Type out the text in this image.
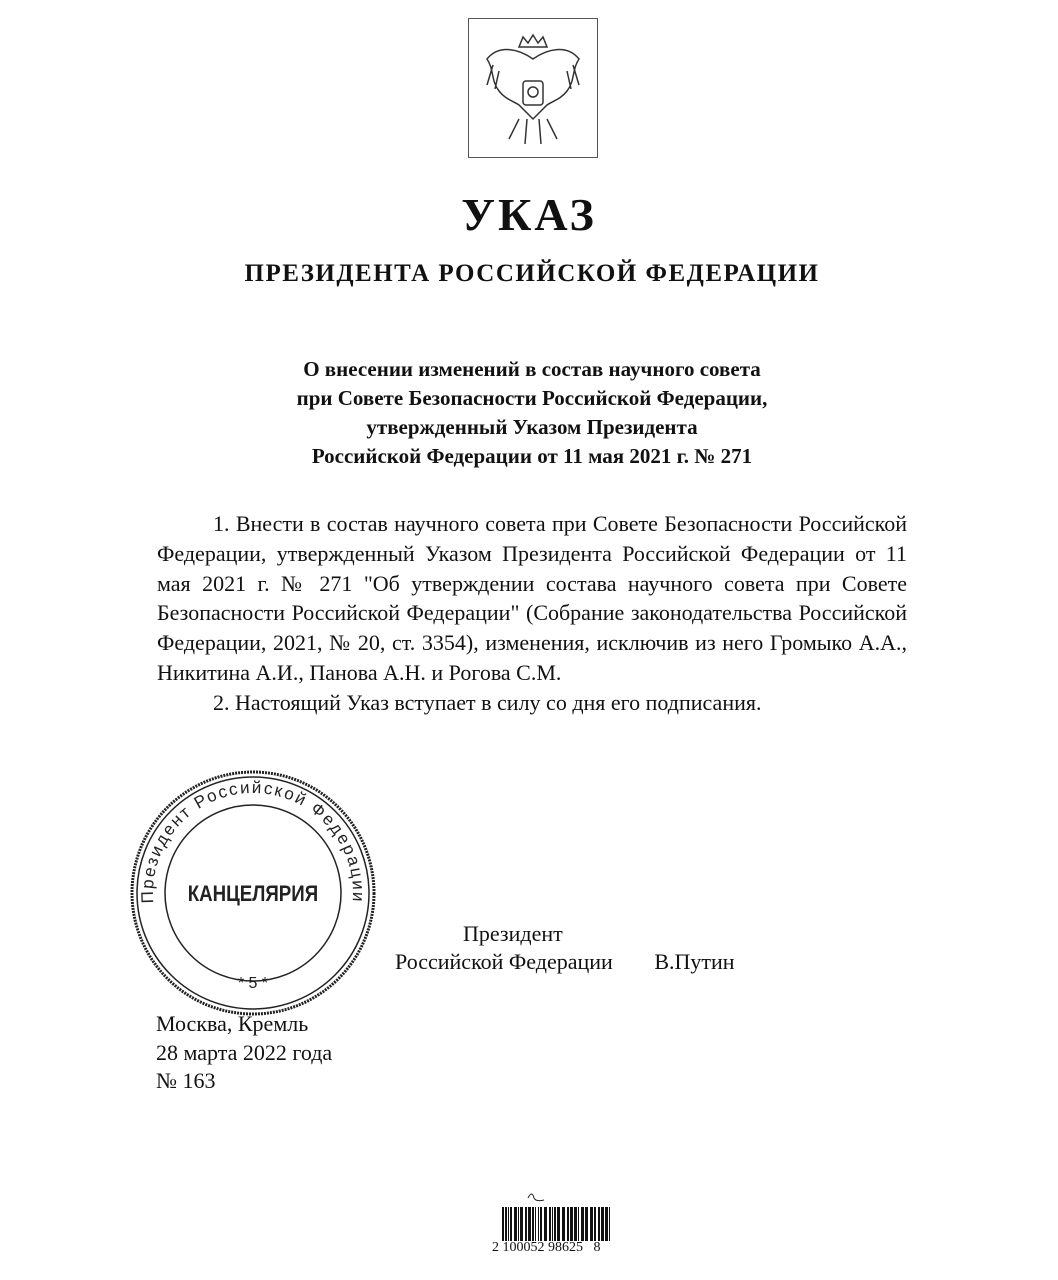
УКАЗ
ПРЕЗИДЕНТА РОССИЙСКОЙ ФЕДЕРАЦИИ
О внесении изменений в состав научного совета
при Совете Безопасности Российской Федерации,
утвержденный Указом Президента
Российской Федерации от 11 мая 2021 г. № 271

1. Внести в состав научного совета при Совете Безопасности Российской Федерации, утвержденный Указом Президента Российской Федерации от 11 мая 2021 г. № 271 "Об утверждении состава научного совета при Совете Безопасности Российской Федерации" (Собрание законодательства Российской Федерации, 2021, № 20, ст. 3354), изменения, исключив из него Громыко А.А., Никитина А.И., Панова А.Н. и Рогова С.М.

2. Настоящий Указ вступает в силу со дня его подписания.

Президент
Российской Федерации В.Путин
Президент Российской Федерации
* 5 *
КАНЦЕЛЯРИЯ
Москва, Кремль
28 марта 2022 года
№ 163
2 100052 98625   8
